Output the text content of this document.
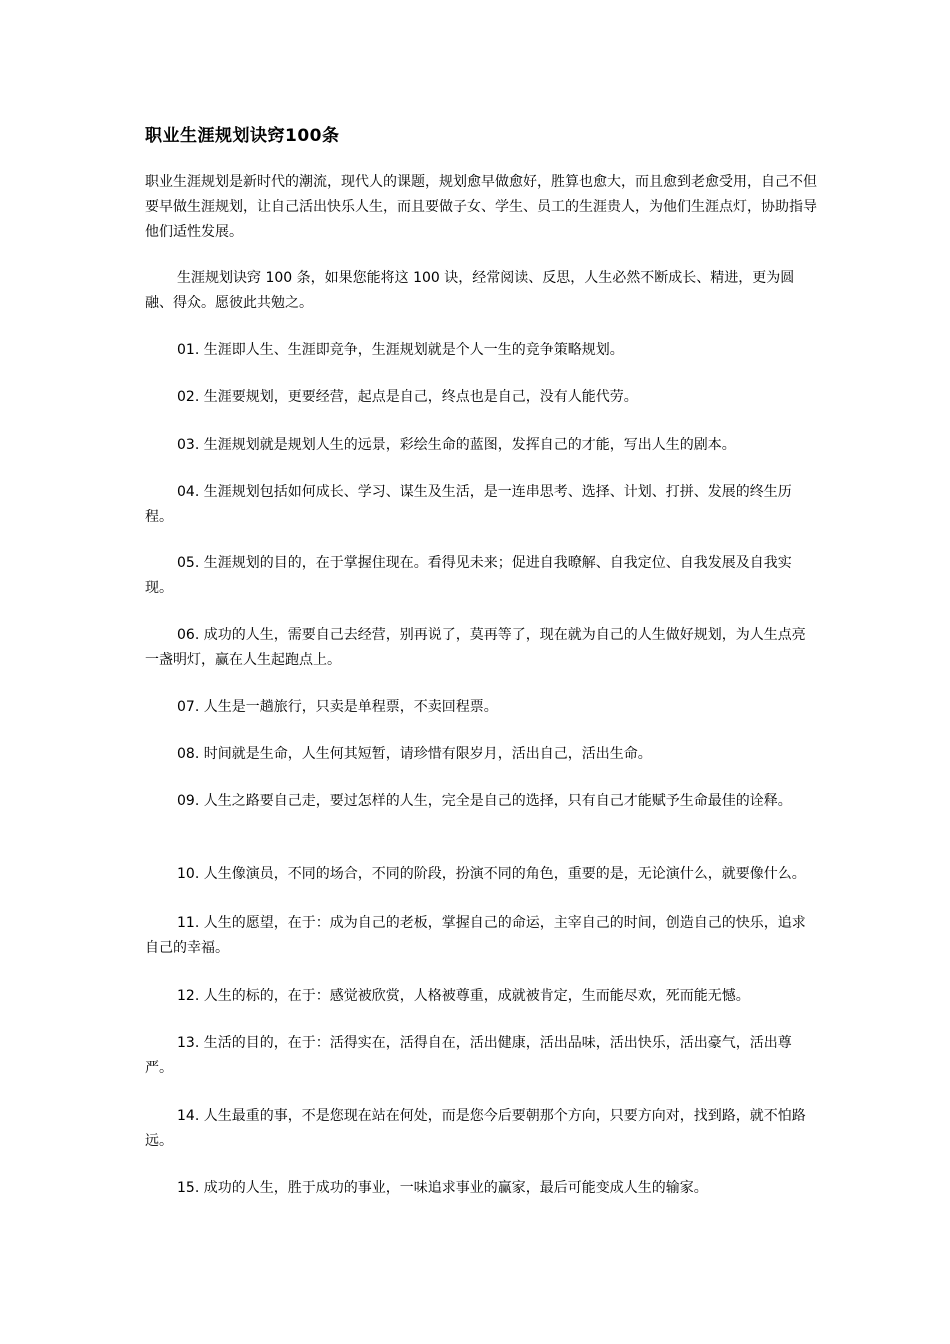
职业生涯规划诀窍100条
职业生涯规划是新时代的潮流，现代人的课题，规划愈早做愈好，胜算也愈大，而且愈到老愈受用，自己不但要早做生涯规划，让自己活出快乐人生，而且要做子女、学生、员工的生涯贵人，为他们生涯点灯，协助指导他们适性发展。
生涯规划诀窍 100 条，如果您能将这 100 诀，经常阅读、反思，人生必然不断成长、精进，更为圆融、得众。愿彼此共勉之。
01. 生涯即人生、生涯即竞争，生涯规划就是个人一生的竞争策略规划。
02. 生涯要规划，更要经营，起点是自己，终点也是自己，没有人能代劳。
03. 生涯规划就是规划人生的远景，彩绘生命的蓝图，发挥自己的才能，写出人生的剧本。
04. 生涯规划包括如何成长、学习、谋生及生活，是一连串思考、选择、计划、打拼、发展的终生历程。
05. 生涯规划的目的，在于掌握住现在。看得见未来；促进自我暸解、自我定位、自我发展及自我实现。
06. 成功的人生，需要自己去经营，别再说了，莫再等了，现在就为自己的人生做好规划，为人生点亮一盏明灯，赢在人生起跑点上。
07. 人生是一趟旅行，只卖是单程票，不卖回程票。
08. 时间就是生命，人生何其短暂，请珍惜有限岁月，活出自己，活出生命。
09. 人生之路要自己走，要过怎样的人生，完全是自己的选择，只有自己才能赋予生命最佳的诠释。
10. 人生像演员，不同的场合，不同的阶段，扮演不同的角色，重要的是，无论演什么，就要像什么。
11. 人生的愿望，在于：成为自己的老板，掌握自己的命运，主宰自己的时间，创造自己的快乐，追求自己的幸福。
12. 人生的标的，在于：感觉被欣赏，人格被尊重，成就被肯定，生而能尽欢，死而能无憾。
13. 生活的目的，在于：活得实在，活得自在，活出健康，活出品味，活出快乐，活出豪气，活出尊严。
14. 人生最重的事，不是您现在站在何处，而是您今后要朝那个方向，只要方向对，找到路，就不怕路远。
15. 成功的人生，胜于成功的事业，一味追求事业的赢家，最后可能变成人生的输家。
